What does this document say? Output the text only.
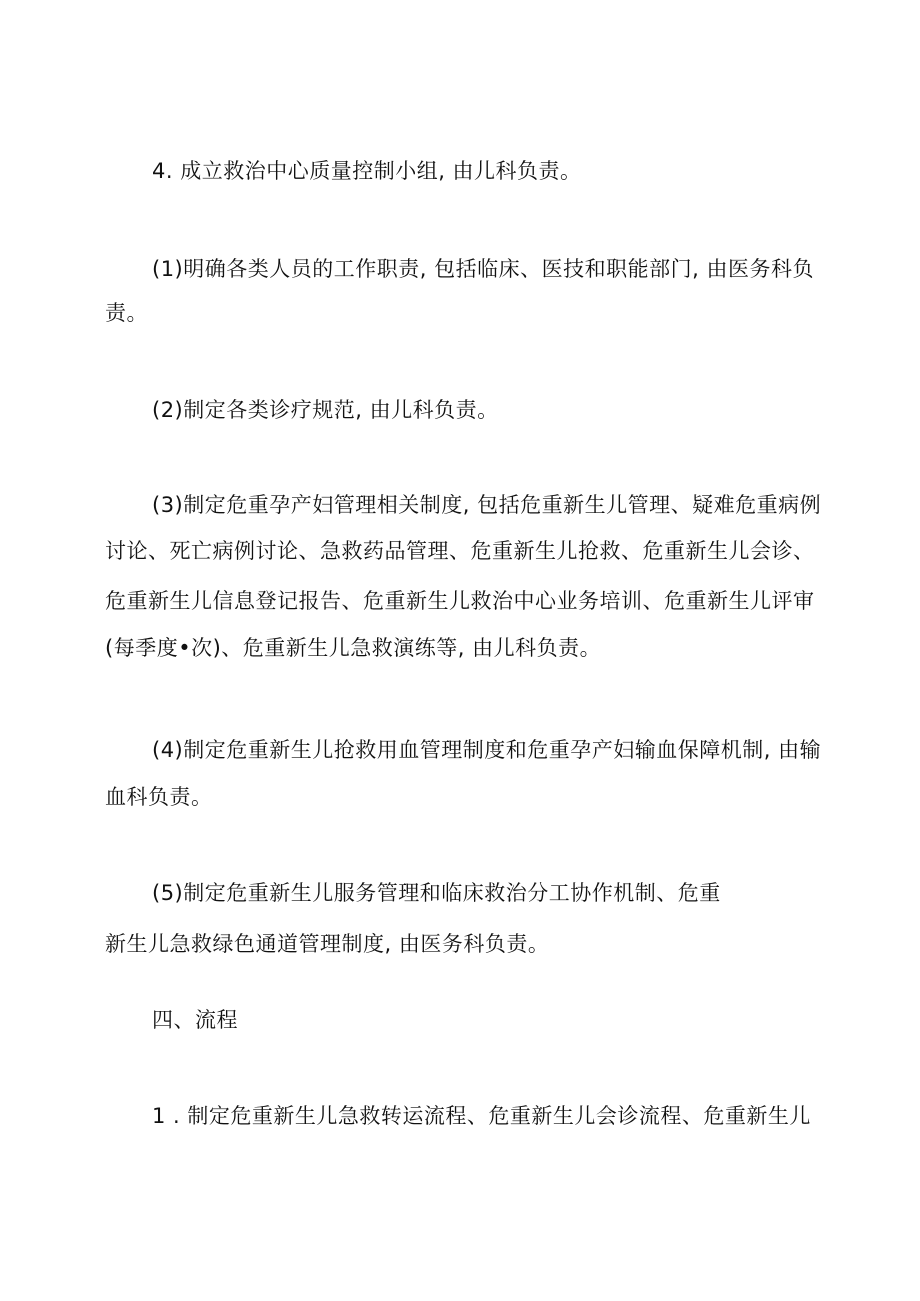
4. 成立救治中心质量控制小组, 由儿科负责。
(1)明确各类人员的工作职责, 包括临床、医技和职能部门, 由医务科负
责。
(2)制定各类诊疗规范, 由儿科负责。
(3)制定危重孕产妇管理相关制度, 包括危重新生儿管理、疑难危重病例
讨论、死亡病例讨论、急救药品管理、危重新生儿抢救、危重新生儿会诊、
危重新生儿信息登记报告、危重新生儿救治中心业务培训、危重新生儿评审
(每季度•次)、危重新生儿急救演练等, 由儿科负责。
(4)制定危重新生儿抢救用血管理制度和危重孕产妇输血保障机制, 由输
血科负责。
(5)制定危重新生儿服务管理和临床救治分工协作机制、危重
新生儿急救绿色通道管理制度, 由医务科负责。
四、流程
1 . 制定危重新生儿急救转运流程、危重新生儿会诊流程、危重新生儿
